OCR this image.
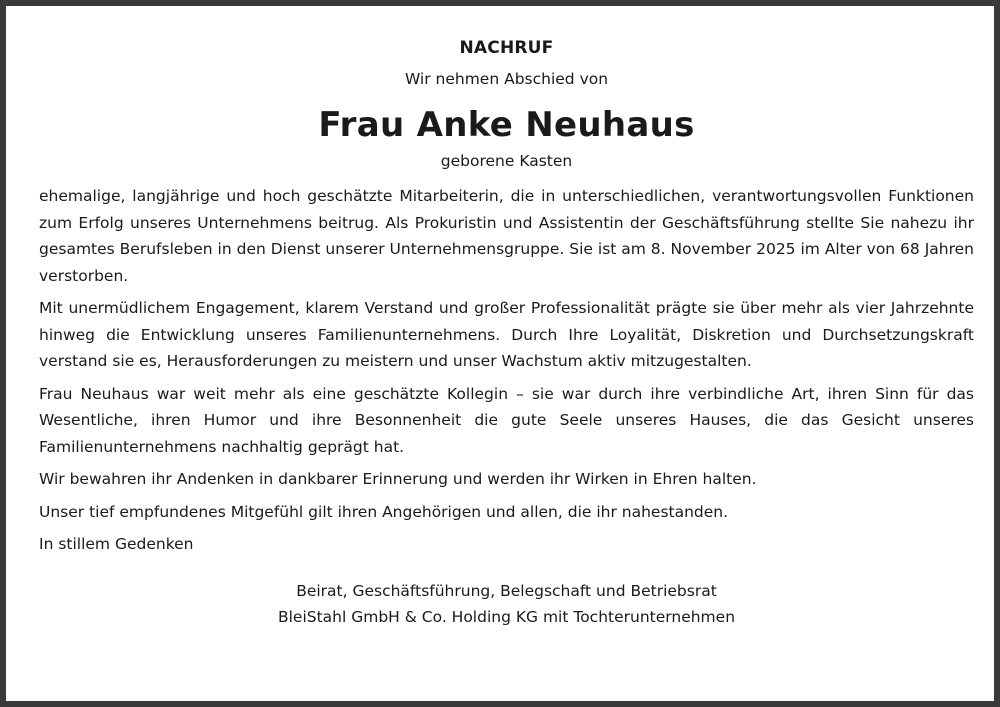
NACHRUF

Wir nehmen Abschied von

Frau Anke Neuhaus

geborene Kasten

ehemalige, langjährige und hoch geschätzte Mitarbeiterin, die in unterschiedlichen, verantwortungsvollen Funktionen zum Erfolg unseres Unternehmens beitrug. Als Prokuristin und Assistentin der Geschäftsführung stellte Sie nahezu ihr gesamtes Berufsleben in den Dienst unserer Unternehmensgruppe. Sie ist am 8. November 2025 im Alter von 68 Jahren verstorben.

Mit unermüdlichem Engagement, klarem Verstand und großer Professionalität prägte sie über mehr als vier Jahrzehnte hinweg die Entwicklung unseres Familienunternehmens. Durch Ihre Loyalität, Diskretion und Durchsetzungskraft verstand sie es, Herausforderungen zu meistern und unser Wachstum aktiv mitzugestalten.

Frau Neuhaus war weit mehr als eine geschätzte Kollegin – sie war durch ihre verbindliche Art, ihren Sinn für das Wesentliche, ihren Humor und ihre Besonnenheit die gute Seele unseres Hauses, die das Gesicht unseres Familienunternehmens nachhaltig geprägt hat.

Wir bewahren ihr Andenken in dankbarer Erinnerung und werden ihr Wirken in Ehren halten.

Unser tief empfundenes Mitgefühl gilt ihren Angehörigen und allen, die ihr nahestanden.

In stillem Gedenken

Beirat, Geschäftsführung, Belegschaft und Betriebsrat
BleiStahl GmbH & Co. Holding KG mit Tochterunternehmen
